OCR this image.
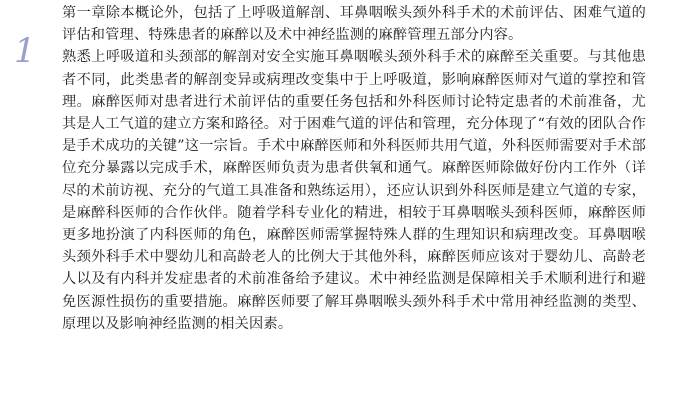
1

第一章除本概论外，包括了上呼吸道解剖、耳鼻咽喉头颈外科手术的术前评估、困难气道的评估和管理、特殊患者的麻醉以及术中神经监测的麻醉管理五部分内容。

熟悉上呼吸道和头颈部的解剖对安全实施耳鼻咽喉头颈外科手术的麻醉至关重要。与其他患者不同，此类患者的解剖变异或病理改变集中于上呼吸道，影响麻醉医师对气道的掌控和管理。麻醉医师对患者进行术前评估的重要任务包括和外科医师讨论特定患者的术前准备，尤其是人工气道的建立方案和路径。对于困难气道的评估和管理，充分体现了“有效的团队合作是手术成功的关键”这一宗旨。手术中麻醉医师和外科医师共用气道，外科医师需要对手术部位充分暴露以完成手术，麻醉医师负责为患者供氧和通气。麻醉医师除做好份内工作外（详尽的术前访视、充分的气道工具准备和熟练运用），还应认识到外科医师是建立气道的专家，是麻醉科医师的合作伙伴。随着学科专业化的精进，相较于耳鼻咽喉头颈科医师，麻醉医师更多地扮演了内科医师的角色，麻醉医师需掌握特殊人群的生理知识和病理改变。耳鼻咽喉头颈外科手术中婴幼儿和高龄老人的比例大于其他外科，麻醉医师应该对于婴幼儿、高龄老人以及有内科并发症患者的术前准备给予建议。术中神经监测是保障相关手术顺利进行和避免医源性损伤的重要措施。麻醉医师要了解耳鼻咽喉头颈外科手术中常用神经监测的类型、原理以及影响神经监测的相关因素。
